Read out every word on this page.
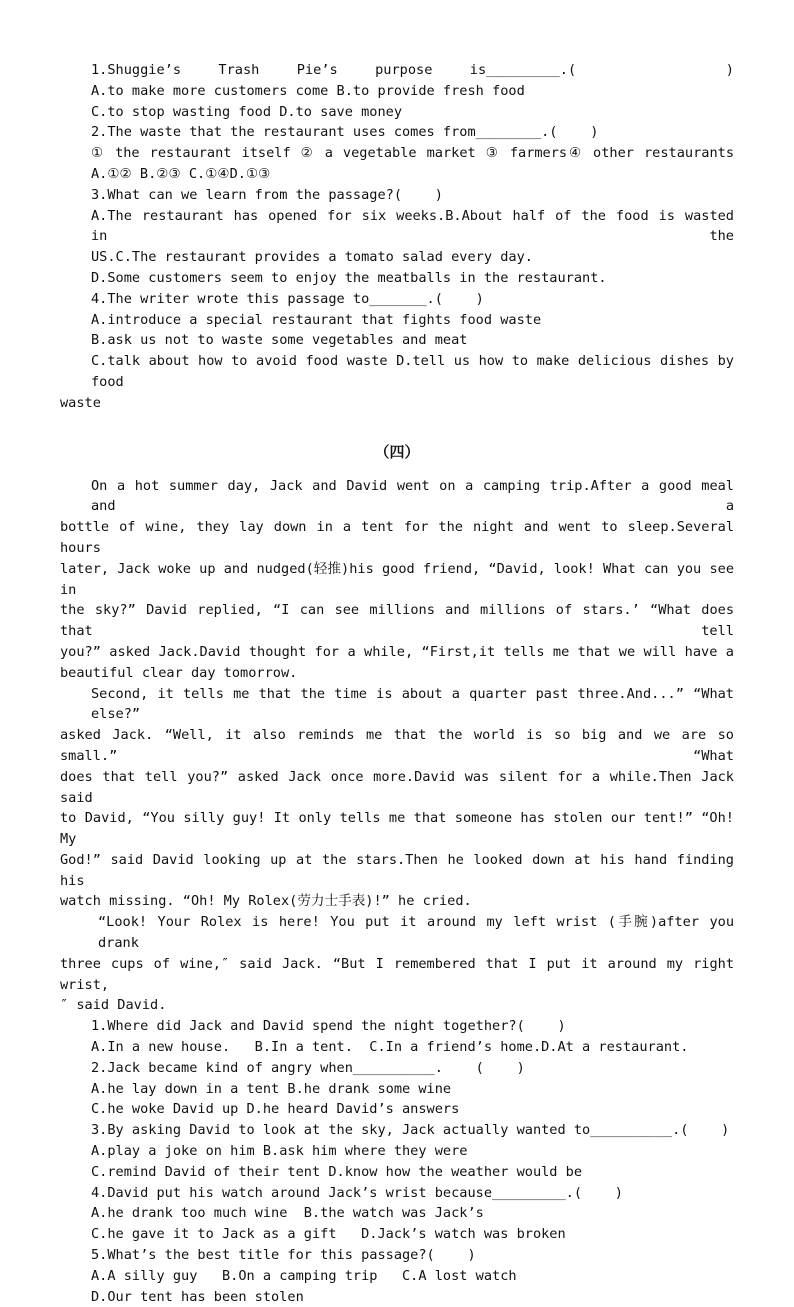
1.Shuggie’s Trash Pie’s purpose is_________.(    )
A.to make more customers come B.to provide fresh food
C.to stop wasting food D.to save money
2.The waste that the restaurant uses comes from________.(    )
① the restaurant itself ② a vegetable market ③ farmers④ other restaurants
A.①② B.②③ C.①④D.①③
3.What can we learn from the passage?(    )
A.The restaurant has opened for six weeks.B.About half of the food is wasted in the
US.C.The restaurant provides a tomato salad every day.
D.Some customers seem to enjoy the meatballs in the restaurant.
4.The writer wrote this passage to_______.(    )
A.introduce a special restaurant that fights food waste
B.ask us not to waste some vegetables and meat
C.talk about how to avoid food waste D.tell us how to make delicious dishes by food
waste
（四）
On a hot summer day, Jack and David went on a camping trip.After a good meal and a
bottle of wine, they lay down in a tent for the night and went to sleep.Several hours
later, Jack woke up and nudged(轻推)his good friend, “David, look! What can you see in
the sky?” David replied, “I can see millions and millions of stars.’ “What does that tell
you?” asked Jack.David thought for a while, “First,it tells me that we will have a
beautiful clear day tomorrow.
Second, it tells me that the time is about a quarter past three.And...” “What else?”
asked Jack. “Well, it also reminds me that the world is so big and we are so small.” “What
does that tell you?” asked Jack once more.David was silent for a while.Then Jack said
to David, “You silly guy! It only tells me that someone has stolen our tent!” “Oh! My
God!” said David looking up at the stars.Then he looked down at his hand finding his
watch missing. “Oh! My Rolex(劳力士手表)!” he cried.
“Look! Your Rolex is here! You put it around my left wrist (手腕)after you drank
three cups of wine,″ said Jack. “But I remembered that I put it around my right wrist,
″ said David.
1.Where did Jack and David spend the night together?(    )
A.In a new house.   B.In a tent.  C.In a friend’s home.D.At a restaurant.
2.Jack became kind of angry when__________.    (    )
A.he lay down in a tent B.he drank some wine
C.he woke David up D.he heard David’s answers
3.By asking David to look at the sky, Jack actually wanted to__________.(    )
A.play a joke on him B.ask him where they were
C.remind David of their tent D.know how the weather would be
4.David put his watch around Jack’s wrist because_________.(    )
A.he drank too much wine  B.the watch was Jack’s
C.he gave it to Jack as a gift   D.Jack’s watch was broken
5.What’s the best title for this passage?(    )
A.A silly guy   B.On a camping trip   C.A lost watch
D.Our tent has been stolen
